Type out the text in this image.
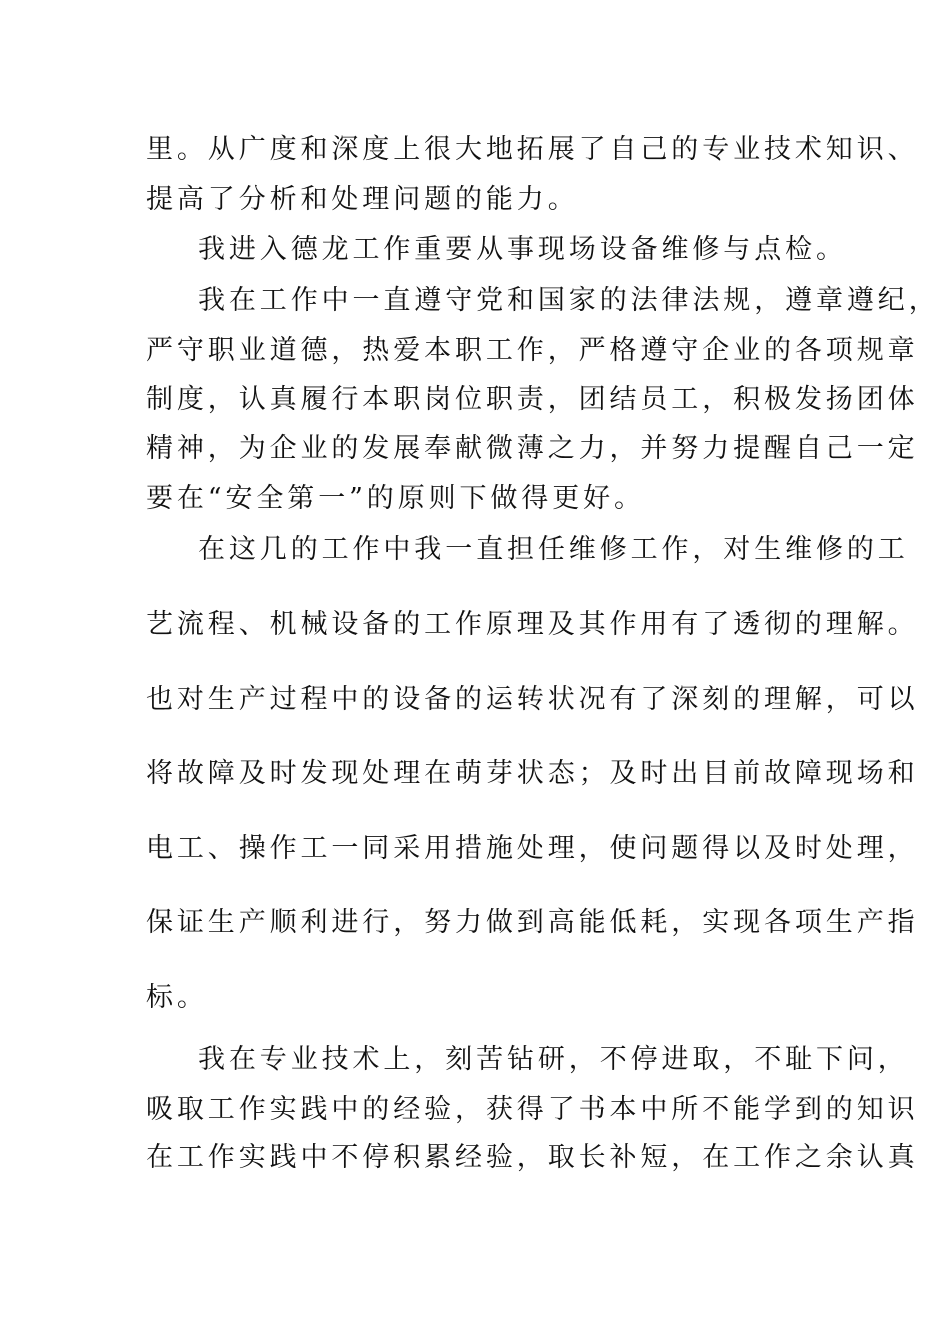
里。从广度和深度上很大地拓展了自己的专业技术知识、

提高了分析和处理问题的能力。

我进入德龙工作重要从事现场设备维修与点检。

我在工作中一直遵守党和国家的法律法规，遵章遵纪，

严守职业道德，热爱本职工作，严格遵守企业的各项规章

制度，认真履行本职岗位职责，团结员工，积极发扬团体

精神，为企业的发展奉献微薄之力，并努力提醒自己一定

要在“安全第一”的原则下做得更好。

在这几的工作中我一直担任维修工作，对生维修的工

艺流程、机械设备的工作原理及其作用有了透彻的理解。

也对生产过程中的设备的运转状况有了深刻的理解，可以

将故障及时发现处理在萌芽状态；及时出目前故障现场和

电工、操作工一同采用措施处理，使问题得以及时处理，

保证生产顺利进行，努力做到高能低耗，实现各项生产指

标。

我在专业技术上，刻苦钻研，不停进取，不耻下问，

吸取工作实践中的经验，获得了书本中所不能学到的知识

在工作实践中不停积累经验，取长补短，在工作之余认真
